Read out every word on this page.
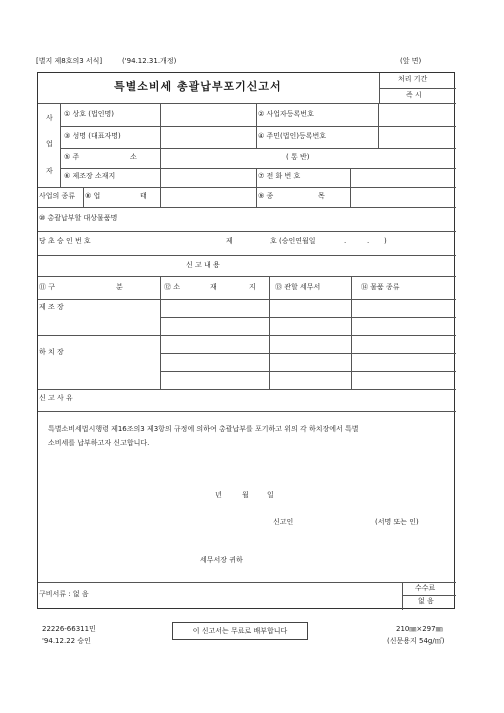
[별지 제8호의3 서식]	('94.12.31.개정)	(앞 면)
특별소비세 총괄납부포기신고서
처리 기간
즉 시
사
업
자
① 상호 (법인명)	② 사업자등록번호
③ 성명 (대표자명)	④ 주민(법인)등록번호
⑤ 주	소	( 통 반)
⑥ 제조장 소재지	⑦ 전 화 번 호
사업의 종류 ⑧ 업	태	⑨ 종	목
⑩ 총괄납부할 대상물품명
당 초 승 인 번 호	제	호 (승인연월일	.	. )
신 고 내 용
⑪ 구	분	⑫ 소	재	지	⑬ 관할 세무서	⑭ 물품 종류
제 조 장
하 치 장
신 고 사 유
특별소비세법시행령 제16조의3 제3항의 규정에 의하여 총괄납부를 포기하고 위의 각 하치장에서 특별
소비세를 납부하고자 신고합니다.
년	월	일
신고인	(서명 또는 인)
세무서장 귀하
구비서류 : 없 음
수수료
없 음
22226-66311민
'94.12.22 승인
이 신고서는 무료로 배부합니다	210㎜×297㎜
(신문용지 54g/㎡)
